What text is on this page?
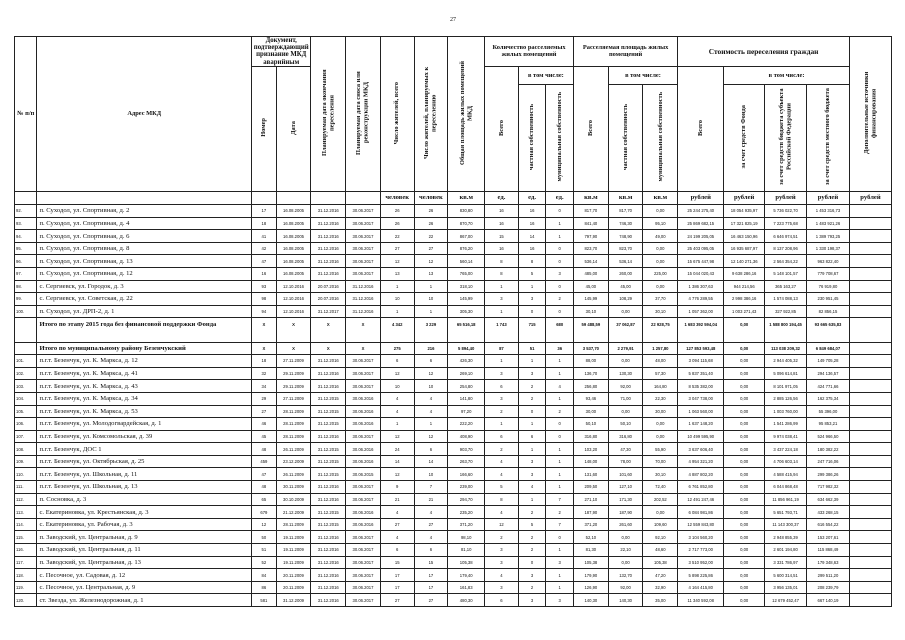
27
№ п/п	Адрес МКД	Документ, подтверждающий признание МКД аварийным		Планируемая дата окончания переселения	Планируемая дата сноса или реконструкции МКД	Число жителей, всего	Число жителей, планируемых к переселению	Общая площадь жилых помещений МКД	Количество расселяемых жилых помещений			Расселяемая площадь жилых помещений			Стоимость переселения граждан				Дополнительные источники финансирования
		Номер	Дата						Всего	в том числе:		Всего	в том числе:		Всего	в том числе:			
										частная собственность	муниципальная собственность		частная собственность	муниципальная собственность		за счет средств Фонда	за счет средств бюджета субъекта Российской Федерации	за счет средств местного бюджета	
						человек	человек	кв.м	ед.	ед.	ед.	кв.м	кв.м	кв.м	рублей	рублей	рублей	рублей	рублей
92.	п. Суходол, ул. Спортивная, д. 2	17	16.08.2005	31.12.2016	30.06.2017	26	26	830,80	16	16	0	817,70	817,70	0,00	25 244 275,40	18 054 935,97	5 736 022,70	1 453 316,73	
93.	п. Суходол, ул. Спортивная, д. 4	18	16.08.2005	31.12.2016	30.06.2017	26	26	870,70	16	16	1	841,40	746,30	95,10	25 869 682,15	17 321 825,19	7 223 775,68	1 483 921,26	
94.	п. Суходол, ул. Спортивная, д. 6	41	16.08.2005	31.12.2016	30.06.2017	22	22	867,00	15	14	1	797,90	748,90	49,00	24 199 205,05	16 463 150,96	6 646 974,51	1 389 793,25	
95.	п. Суходол, ул. Спортивная, д. 8	42	16.08.2005	31.12.2016	30.06.2017	27	27	876,20	16	16	0	823,70	823,70	0,00	25 403 095,05	16 935 687,97	8 137 208,96	1 330 198,37	
96.	п. Суходол, ул. Спортивная, д. 13	47	16.08.2005	31.12.2016	30.06.2017	12	12	560,14	8	8	0	536,14	536,14	0,00	15 675 447,98	12 140 271,36	2 564 354,22	963 822,40	
97.	п. Суходол, ул. Спортивная, д. 12	16	16.08.2005	31.12.2016	30.06.2017	13	13	765,00	8	5	3	485,00	260,00	225,00	15 044 020,43	9 638 286,16	5 148 101,57	779 708,67	
98.	с. Сергиевск, ул. Городок, д. 3	93	12.10.2016	20.07.2016	31.12.2016	1	1	318,10	1	1	0	45,00	45,00	0,00	1 386 307,63	944 214,56	365 163,27	76 919,80	
99.	с. Сергиевск, ул. Советская, д. 22	98	12.10.2016	20.07.2016	31.12.2016	10	10	145,99	3	3	2	145,99	108,29	37,70	4 776 289,55	2 998 386,16	1 574 088,13	230 951,45	
100.	п. Суходол, ул. ДРП-2, д. 1	94	12.10.2016	31.12.2017	31.12.2016	1	1	305,30	1	0	0	30,10	0,00	30,10	1 057 362,00	1 003 271,43	327 922,85	82 856,15	
	Итого по этапу 2015 года без финансовой поддержки Фонда	X	X	X	X	4 342	3 229	65 516,18	1 743	715	680	59 488,59	37 062,87	22 928,75	1 683 392 594,04	0,00	1 588 800 194,45	93 665 635,83	

	Итого по муниципальному району Безенчукский	X	X	X	X	275	216	5 894,40	87	51	36	3 537,70	2 279,91	1 257,80	127 853 593,48	0,00	113 038 209,32	6 849 684,07	
101.	п.г.т. Безенчук, ул. К. Маркса, д. 12	18	27.11.2009	31.12.2016	30.06.2017	6	6	426,30	1	1	1	88,00	0,00	48,00	3 094 115,68	0,00	2 944 405,32	149 705,28	
102.	п.г.т. Безенчук, ул. К. Маркса, д. 41	32	29.11.2009	31.12.2016	30.06.2017	12	12	269,10	3	3	1	136,70	130,30	57,30	5 837 351,40	0,00	5 096 614,81	294 136,57	
103.	п.г.т. Безенчук, ул. К. Маркса, д. 43	34	29.11.2009	31.12.2016	30.06.2017	10	10	254,80	6	2	4	256,80	92,00	164,80	8 535 382,00	0,00	8 101 971,05	424 771,66	
104.	п.г.т. Безенчук, ул. К. Маркса, д. 34	29	27.11.2009	31.12.2015	30.06.2016	4	4	141,80	3	2	1	93,46	71,00	22,30	3 047 738,00	0,00	2 885 126,56	162 375,34	
105.	п.г.т. Безенчук, ул. К. Маркса, д. 53	27	28.11.2009	31.12.2015	30.06.2016	4	4	97,20	2	0	2	30,00	0,00	30,00	1 063 560,00	0,00	1 003 760,00	55 396,00	
106.	п.г.т. Безенчук, ул. Молодогвардейская, д. 1	46	28.11.2009	31.12.2015	30.06.2016	1	1	222,20	1	1	0	50,10	50,10	0,00	1 637 148,20	0,00	1 541 286,99	95 853,21	
107.	п.г.т. Безенчук, ул. Комсомольская, д. 39	45	28.11.2009	31.12.2016	30.06.2017	12	12	408,90	6	6	0	316,80	316,80	0,00	10 499 595,90	0,00	9 974 038,41	524 966,50	
108.	п.г.т. Безенчук, ДОС 1	48	26.11.2009	31.12.2015	30.06.2016	24	6	903,70	2	1	1	103,20	47,30	55,90	3 637 606,40	0,00	3 437 224,18	180 382,22	
109.	п.г.т. Безенчук, ул. Октябрьская, д. 25	459	23.12.2009	31.12.2015	30.06.2016	14	14	263,70	4	3	1	148,00	78,00	70,00	4 954 321,20	0,00	4 706 603,14	247 716,06	
110.	п.г.т. Безенчук, ул. Школьная, д. 11	47	26.11.2009	31.12.2015	30.06.2015	12	10	166,60	4	3	1	131,60	101,60	30,10	4 887 802,20	0,00	4 588 415,94	299 386,26	
111.	п.г.т. Безенчук, ул. Школьная, д. 13	48	30.11.2009	31.12.2016	30.06.2017	9	7	239,00	5	4	1	209,50	127,10	72,40	6 761 852,80	0,00	6 044 868,48	717 982,32	
112.	п. Сосновка, д. 3	65	30.10.2009	31.12.2016	30.06.2017	21	21	294,70	8	1	7	271,10	171,30	202,52	12 491 247,46	0,00	11 856 961,19	634 662,39	
113.	с. Екатериновка, ул. Крестьянская, д. 3	679	21.12.2009	31.12.2015	30.06.2016	4	4	235,20	4	2	2	187,90	187,90	0,00	6 084 981,86	0,00	5 651 793,71	433 268,15	
114.	с. Екатериновка, ул. Рабочая, д. 3	12	28.11.2009	31.12.2015	30.06.2016	27	27	371,20	12	5	7	371,20	261,60	109,60	12 559 843,80	0,00	11 143 300,37	616 554,22	
115.	п. Заводский, ул. Центральная, д. 9	50	19.11.2009	31.12.2016	30.06.2017	4	4	98,10	2	2	0	52,10	0,00	92,10	3 104 560,20	0,00	2 948 855,39	153 207,61	
116.	п. Заводский, ул. Центральная, д. 11	51	19.11.2009	31.12.2016	30.06.2017	6	6	81,10	3	2	1	81,30	22,10	48,60	2 717 773,00	0,00	2 601 194,80	115 868,49	
117.	п. Заводский, ул. Центральная, д. 13	52	19.11.2009	31.12.2016	30.06.2017	15	15	105,38	3	0	3	105,38	0,00	105,38	3 510 952,00	0,00	3 331 786,97	179 348,63	
118.	с. Песочное, ул. Садовая, д. 12	84	20.11.2009	31.12.2016	30.06.2017	17	17	179,40	4	3	1	179,90	132,70	47,20	5 898 225,86	0,00	5 600 314,51	299 511,20	
119.	с. Песочное, ул. Центральная, д. 9	86	20.11.2009	31.12.2016	30.06.2017	17	17	161,83	3	2	1	126,90	92,00	32,90	4 164 415,80	0,00	3 956 135,01	208 239,79	
120.	ст. Звезда, ул. Железнодорожная, д. 1	581	31.12.2009	31.12.2016	30.06.2017	27	27	480,30	6	3	3	140,30	140,30	35,00	11 340 592,08	0,00	12 679 452,47	667 140,19	
